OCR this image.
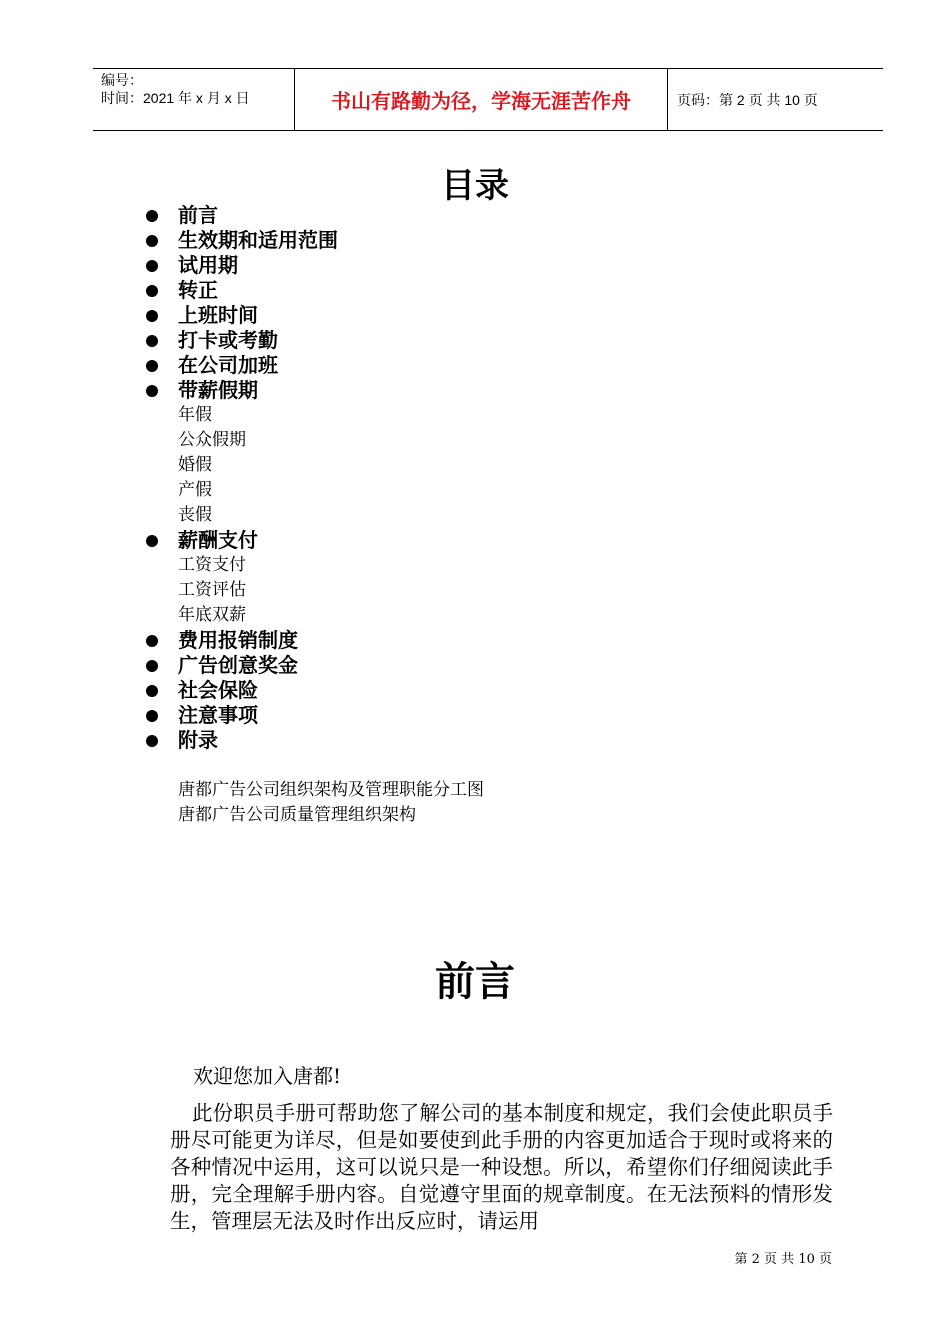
编号：
时间：2021 年 x 月 x 日	书山有路勤为径，学海无涯苦作舟	页码：第 2 页 共 10 页
目录
前言
生效期和适用范围
试用期
转正
上班时间
打卡或考勤
在公司加班
带薪假期
年假
公众假期
婚假
产假
丧假
薪酬支付
工资支付
工资评估
年底双薪
费用报销制度
广告创意奖金
社会保险
注意事项
附录
唐都广告公司组织架构及管理职能分工图
唐都广告公司质量管理组织架构
前言
欢迎您加入唐都!
此份职员手册可帮助您了解公司的基本制度和规定，我们会使此职员手册尽可能更为详尽，但是如要使到此手册的内容更加适合于现时或将来的各种情况中运用，这可以说只是一种设想。所以，希望你们仔细阅读此手册，完全理解手册内容。自觉遵守里面的规章制度。在无法预料的情形发生，管理层无法及时作出反应时，请运用
第 2 页 共 10 页
